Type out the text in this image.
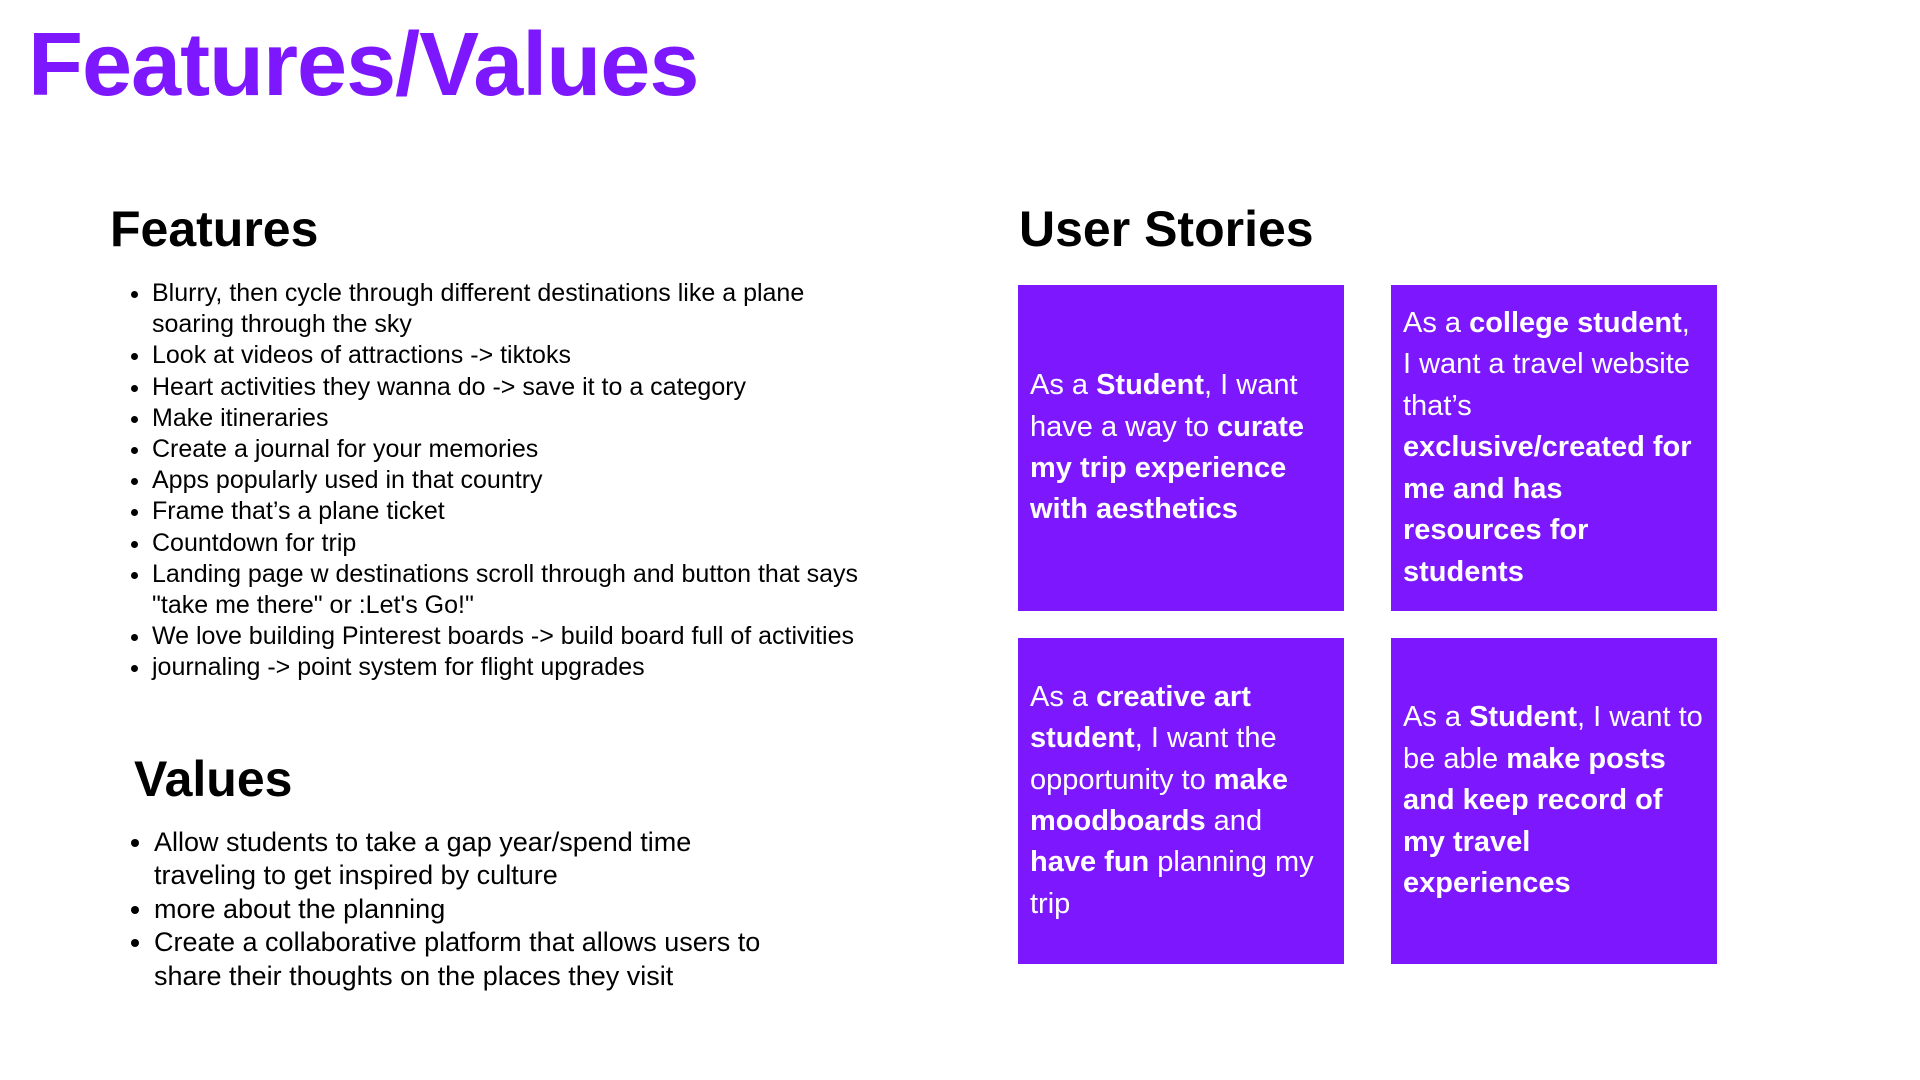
Features/Values
Features
• Blurry, then cycle through different destinations like a plane soaring through the sky
• Look at videos of attractions -> tiktoks
• Heart activities they wanna do -> save it to a category
• Make itineraries
• Create a journal for your memories
• Apps popularly used in that country
• Frame that’s a plane ticket
• Countdown for trip
• Landing page w destinations scroll through and button that says "take me there" or :Let's Go!"
• We love building Pinterest boards -> build board full of activities
• journaling -> point system for flight upgrades
Values
• Allow students to take a gap year/spend time traveling to get inspired by culture
• more about the planning
• Create a collaborative platform that allows users to share their thoughts on the places they visit
User Stories

As a Student, I want have a way to curate my trip experience with aesthetics

As a college student, I want a travel website that’s exclusive/created for me and has resources for students

As a creative art student, I want the opportunity to make moodboards and have fun planning my trip

As a Student, I want to be able make posts and keep record of my travel experiences
